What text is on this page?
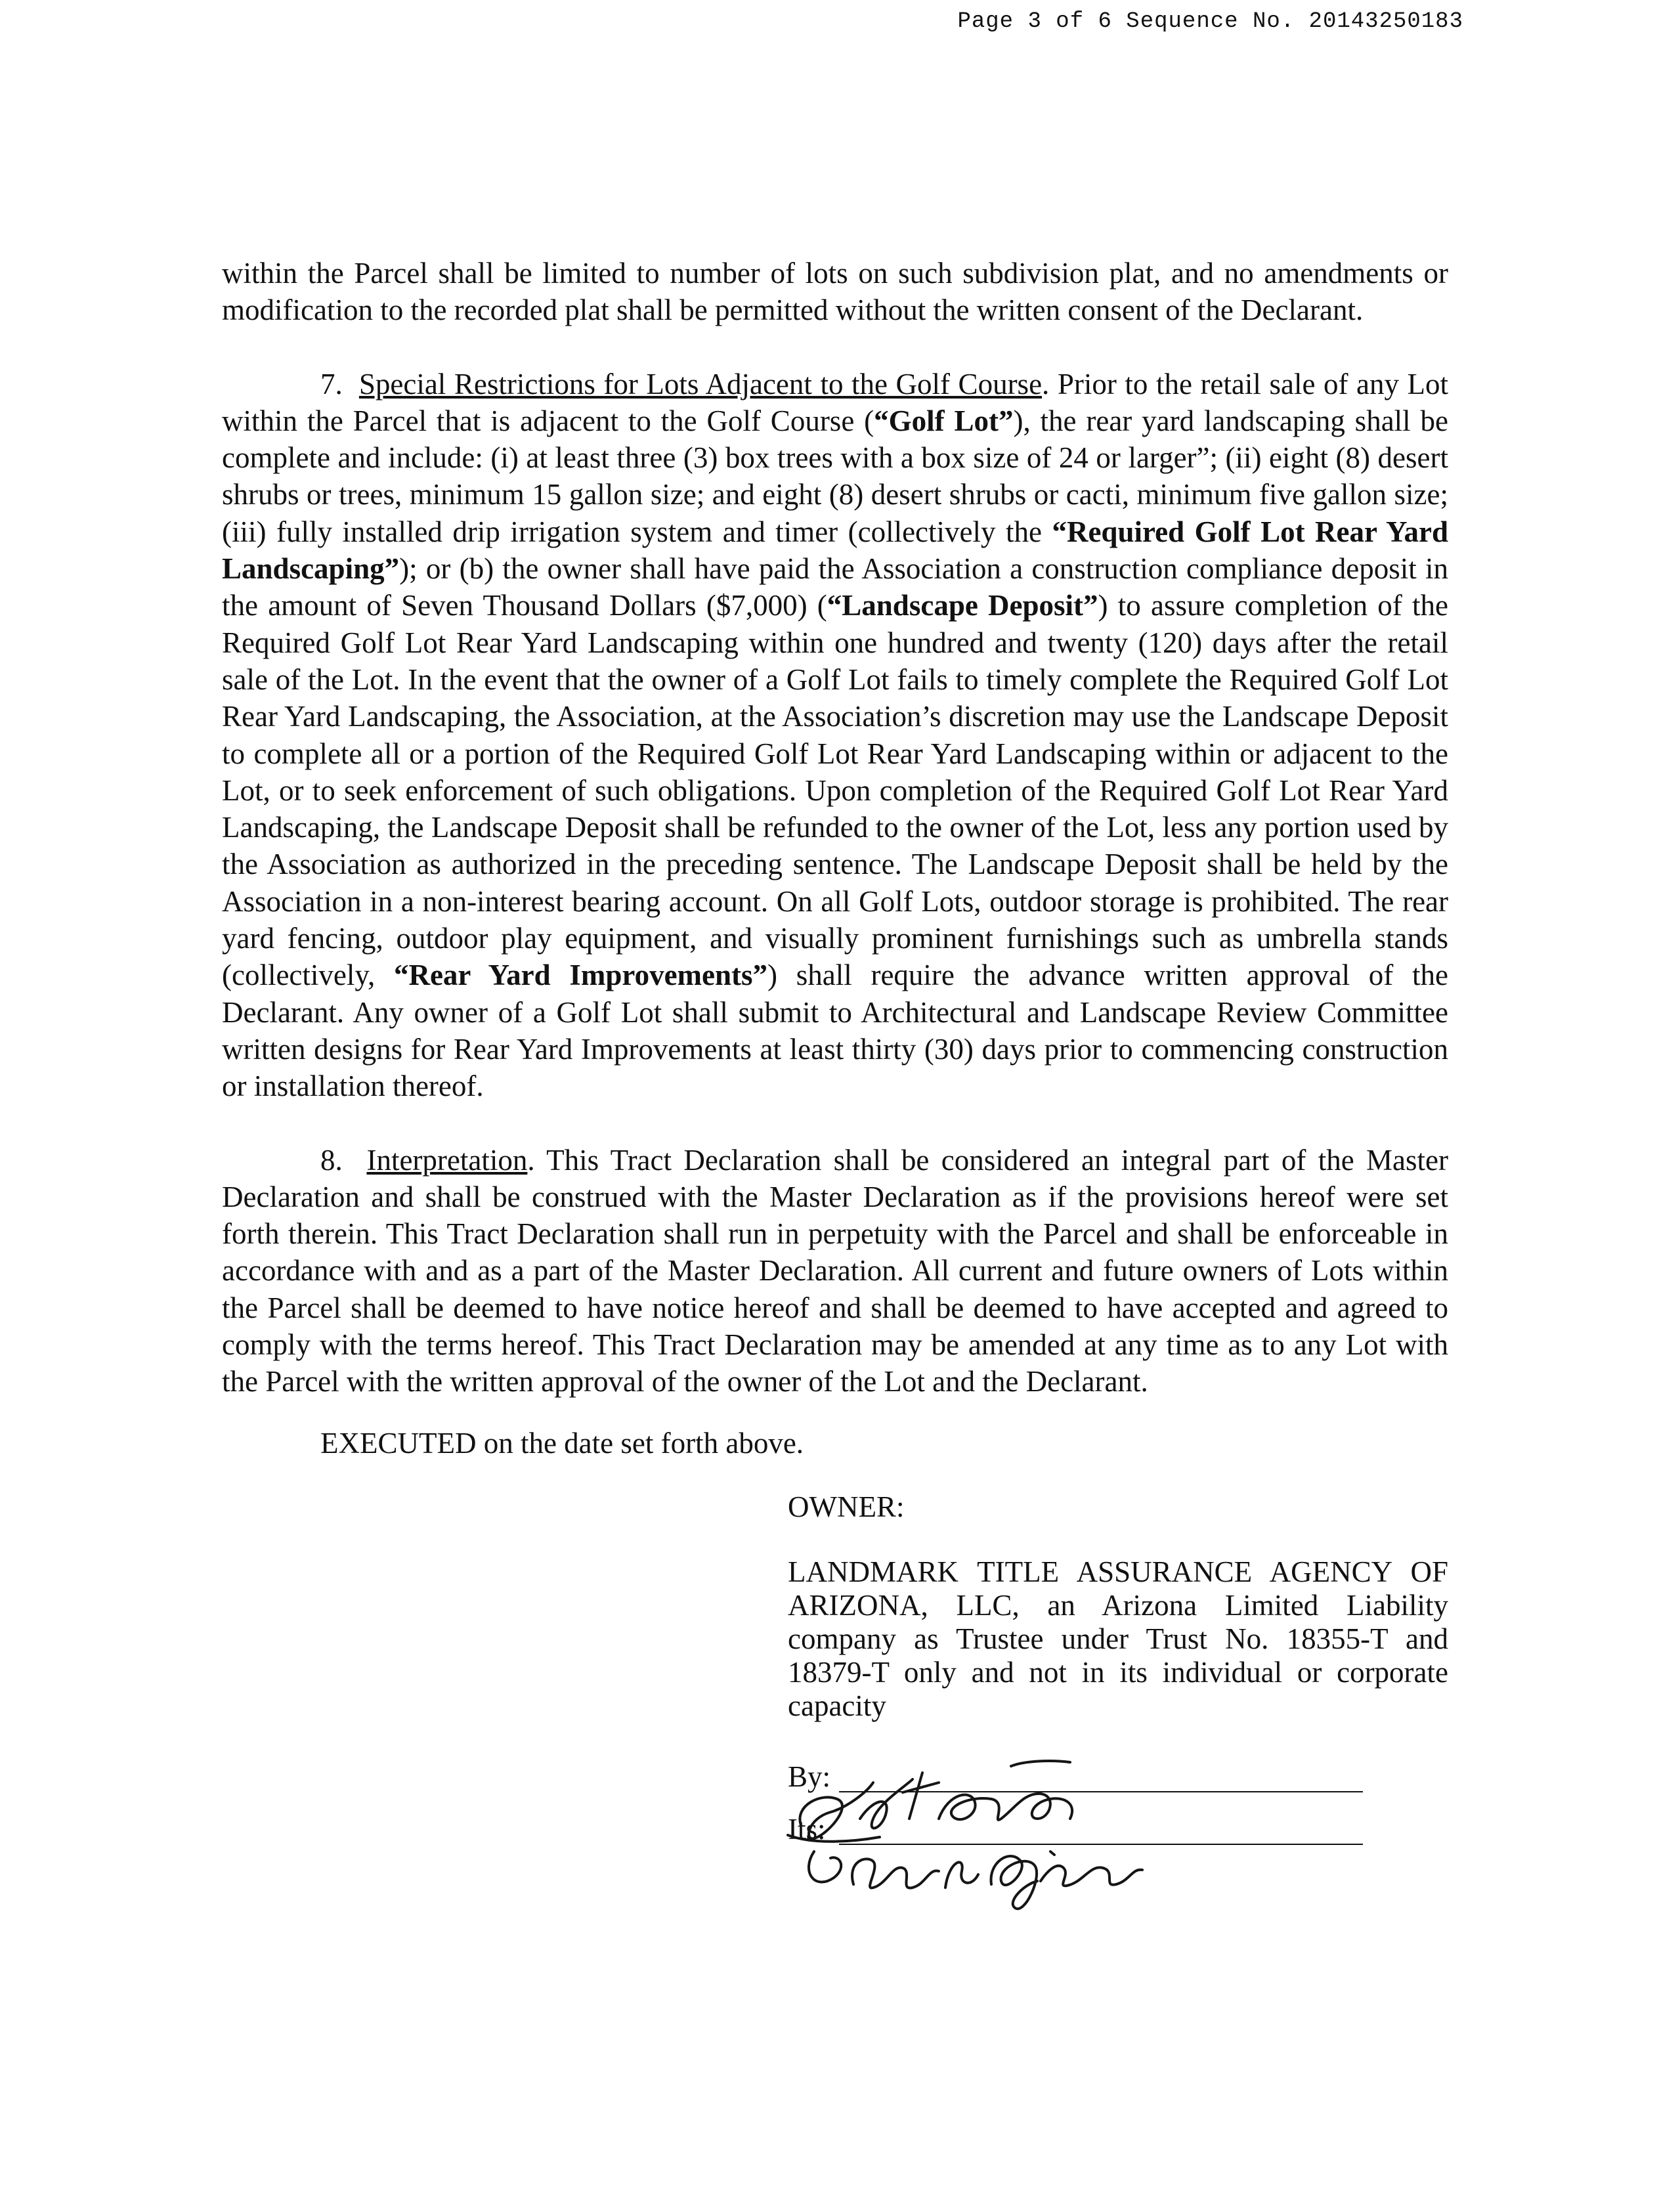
Page 3 of 6 Sequence No. 20143250183

within the Parcel shall be limited to number of lots on such subdivision plat, and no amendments or modification to the recorded plat shall be permitted without the written consent of the Declarant.

7. Special Restrictions for Lots Adjacent to the Golf Course. Prior to the retail sale of any Lot within the Parcel that is adjacent to the Golf Course (“Golf Lot”), the rear yard landscaping shall be complete and include: (i) at least three (3) box trees with a box size of 24 or larger”; (ii) eight (8) desert shrubs or trees, minimum 15 gallon size; and eight (8) desert shrubs or cacti, minimum five gallon size; (iii) fully installed drip irrigation system and timer (collectively the “Required Golf Lot Rear Yard Landscaping”); or (b) the owner shall have paid the Association a construction compliance deposit in the amount of Seven Thousand Dollars ($7,000) (“Landscape Deposit”) to assure completion of the Required Golf Lot Rear Yard Landscaping within one hundred and twenty (120) days after the retail sale of the Lot. In the event that the owner of a Golf Lot fails to timely complete the Required Golf Lot Rear Yard Landscaping, the Association, at the Association’s discretion may use the Landscape Deposit to complete all or a portion of the Required Golf Lot Rear Yard Landscaping within or adjacent to the Lot, or to seek enforcement of such obligations. Upon completion of the Required Golf Lot Rear Yard Landscaping, the Landscape Deposit shall be refunded to the owner of the Lot, less any portion used by the Association as authorized in the preceding sentence. The Landscape Deposit shall be held by the Association in a non-interest bearing account. On all Golf Lots, outdoor storage is prohibited. The rear yard fencing, outdoor play equipment, and visually prominent furnishings such as umbrella stands (collectively, “Rear Yard Improvements”) shall require the advance written approval of the Declarant. Any owner of a Golf Lot shall submit to Architectural and Landscape Review Committee written designs for Rear Yard Improvements at least thirty (30) days prior to commencing construction or installation thereof.

8. Interpretation. This Tract Declaration shall be considered an integral part of the Master Declaration and shall be construed with the Master Declaration as if the provisions hereof were set forth therein. This Tract Declaration shall run in perpetuity with the Parcel and shall be enforceable in accordance with and as a part of the Master Declaration. All current and future owners of Lots within the Parcel shall be deemed to have notice hereof and shall be deemed to have accepted and agreed to comply with the terms hereof. This Tract Declaration may be amended at any time as to any Lot with the Parcel with the written approval of the owner of the Lot and the Declarant.

EXECUTED on the date set forth above.

OWNER:

LANDMARK TITLE ASSURANCE AGENCY OF ARIZONA, LLC, an Arizona Limited Liability company as Trustee under Trust No. 18355-T and 18379-T only and not in its individual or corporate capacity

By:
Its:
